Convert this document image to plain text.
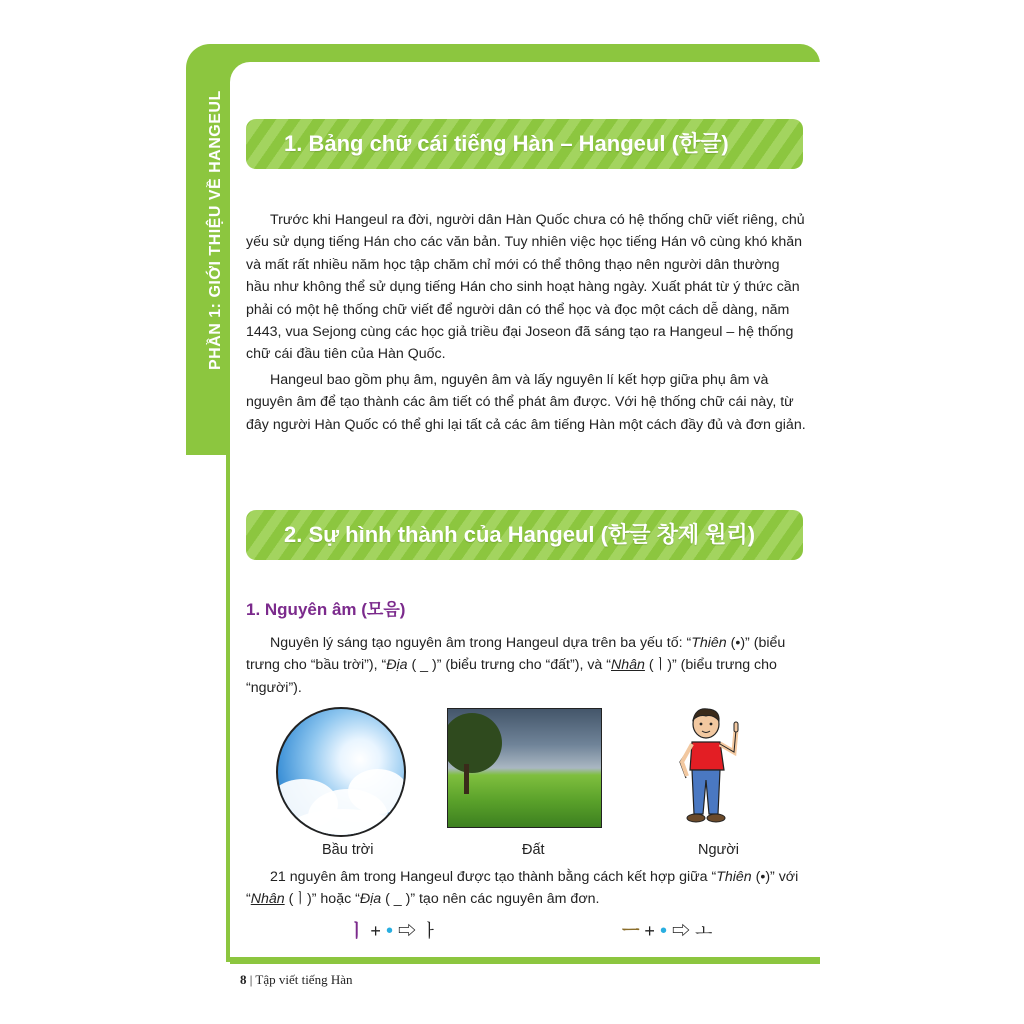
PHẦN 1: GIỚI THIỆU VỀ HANGEUL	1. Bảng chữ cái tiếng Hàn – Hangeul (한글)

Trước khi Hangeul ra đời, người dân Hàn Quốc chưa có hệ thống chữ viết riêng, chủ yếu sử dụng tiếng Hán cho các văn bản. Tuy nhiên việc học tiếng Hán vô cùng khó khăn và mất rất nhiều năm học tập chăm chỉ mới có thể thông thạo nên người dân thường hầu như không thể sử dụng tiếng Hán cho sinh hoạt hàng ngày. Xuất phát từ ý thức cần phải có một hệ thống chữ viết để người dân có thể học và đọc một cách dễ dàng, năm 1443, vua Sejong cùng các học giả triều đại Joseon đã sáng tạo ra Hangeul – hệ thống chữ cái đầu tiên của Hàn Quốc.

Hangeul bao gồm phụ âm, nguyên âm và lấy nguyên lí kết hợp giữa phụ âm và nguyên âm để tạo thành các âm tiết có thể phát âm được. Với hệ thống chữ cái này, từ đây người Hàn Quốc có thể ghi lại tất cả các âm tiếng Hàn một cách đầy đủ và đơn giản.

2. Sự hình thành của Hangeul (한글 창제 원리)
1. Nguyên âm (모음)

Nguyên lý sáng tạo nguyên âm trong Hangeul dựa trên ba yếu tố: “Thiên (•)” (biểu trưng cho “bầu trời”), “Địa ( _ )” (biểu trưng cho “đất”), và “Nhân (ㅣ)” (biểu trưng cho “người”).

Bầu trời	Đất	Người

21 nguyên âm trong Hangeul được tạo thành bằng cách kết hợp giữa “Thiên (•)” với “Nhân (ㅣ)” hoặc “Địa ( _ )” tạo nên các nguyên âm đơn.

ㅣ + • ⇨ ㅏ	ㅡ + • ⇨ ㅗ
8 | Tập viết tiếng Hàn
